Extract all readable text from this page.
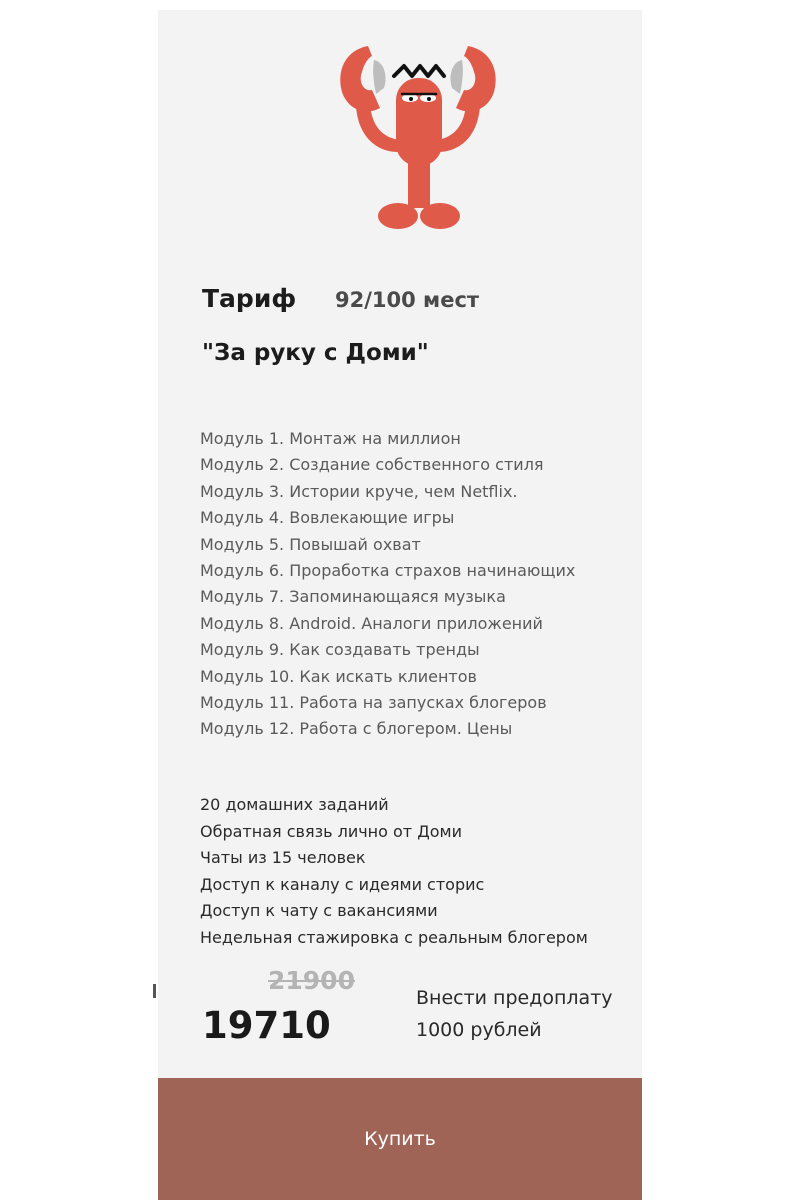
Тариф 92/100 мест
"За руку с Доми"
Модуль 1. Монтаж на миллион
Модуль 2. Создание собственного стиля
Модуль 3. Истории круче, чем Netflix.
Модуль 4. Вовлекающие игры
Модуль 5. Повышай охват
Модуль 6. Проработка страхов начинающих
Модуль 7. Запоминающаяся музыка
Модуль 8. Android. Аналоги приложений
Модуль 9. Как создавать тренды
Модуль 10. Как искать клиентов
Модуль 11. Работа на запусках блогеров
Модуль 12. Работа с блогером. Цены
20 домашних заданий
Обратная связь лично от Доми
Чаты из 15 человек
Доступ к каналу с идеями сторис
Доступ к чату с вакансиями
Недельная стажировка с реальным блогером
21900
19710
Внести предоплату
1000 рублей
Купить
